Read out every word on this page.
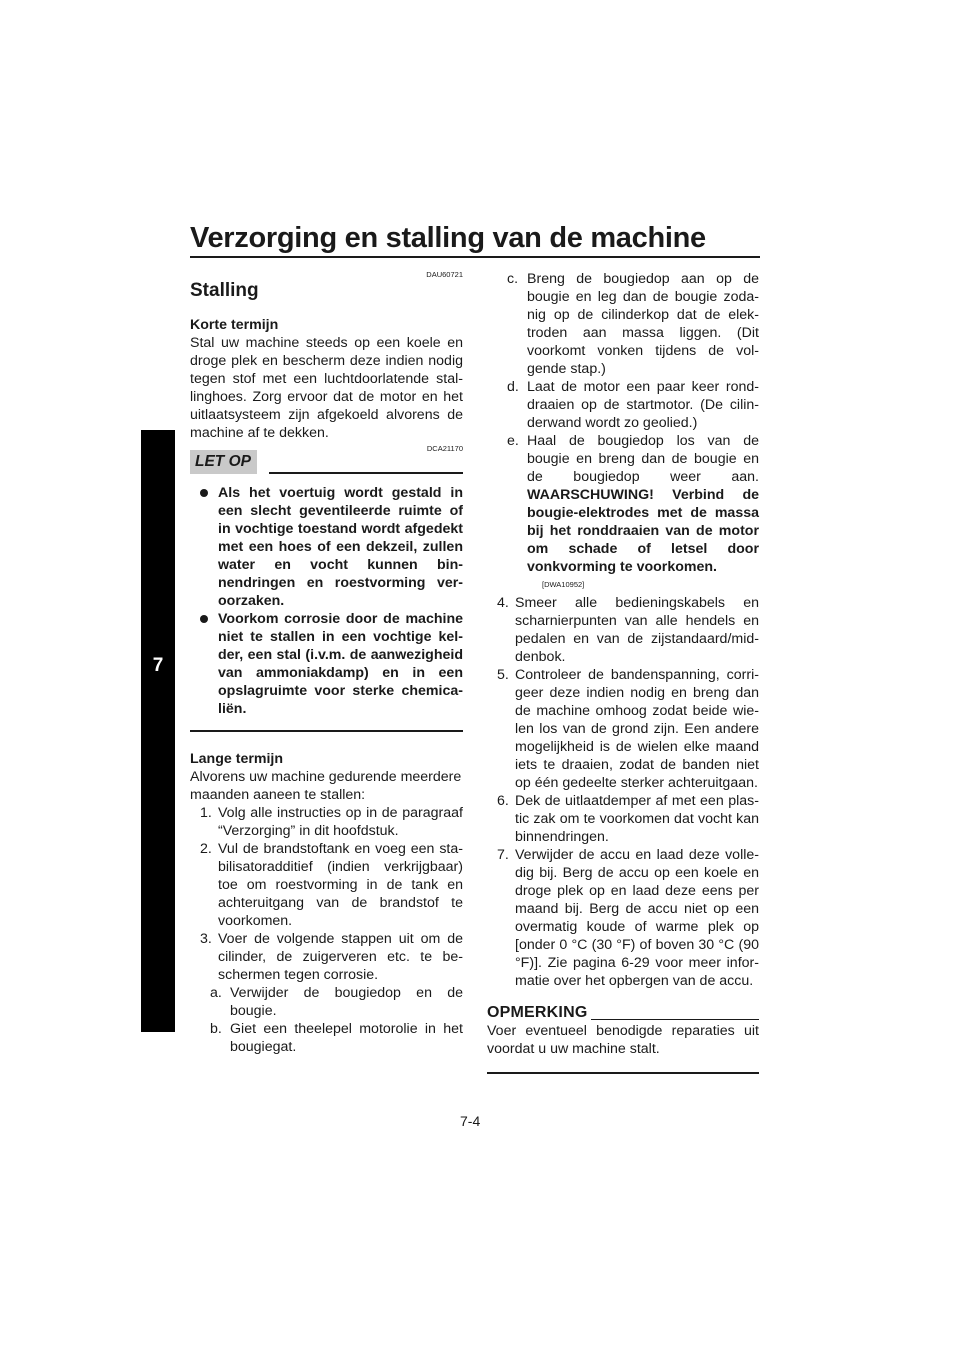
Verzorging en stalling van de machine
7
DAU60721
Stalling

Korte termijn

Stal uw machine steeds op een koele en droge plek en bescherm deze indien nodig tegen stof met een luchtdoorlatende stallinghoes. Zorg ervoor dat de motor en het uitlaatsysteem zijn afgekoeld alvorens de machine af te dekken.

DCA21170
LET OP
Als het voertuig wordt gestald in een slecht geventileerde ruimte of in vochtige toestand wordt afgedekt met een hoes of een dekzeil, zullen water en vocht kunnen binnendringen en roestvorming veroorzaken.
Voorkom corrosie door de machine niet te stallen in een vochtige kelder, een stal (i.v.m. de aanwezigheid van ammoniakdamp) en in een opslagruimte voor sterke chemicaliën.

Lange termijn

Alvorens uw machine gedurende meerdere maanden aaneen te stallen:

1. Volg alle instructies op in de paragraaf “Verzorging” in dit hoofdstuk.
2. Vul de brandstoftank en voeg een stabilisatoradditief (indien verkrijgbaar) toe om roestvorming in de tank en achteruitgang van de brandstof te voorkomen.
3. Voer de volgende stappen uit om de cilinder, de zuigerveren etc. te beschermen tegen corrosie.
a. Verwijder de bougiedop en de bougie.
b. Giet een theelepel motorolie in het bougiegat.
c. Breng de bougiedop aan op de bougie en leg dan de bougie zodanig op de cilinderkop dat de elektroden aan massa liggen. (Dit voorkomt vonken tijdens de volgende stap.)
d. Laat de motor een paar keer ronddraaien op de startmotor. (De cilinderwand wordt zo geolied.)
e. Haal de bougiedop los van de bougie en breng dan de bougie en de bougiedop weer aan. WAARSCHUWING! Verbind de bougie-elektrodes met de massa bij het ronddraaien van de motor om schade of letsel door vonkvorming te voorkomen.
[DWA10952]
4. Smeer alle bedieningskabels en scharnierpunten van alle hendels en pedalen en van de zijstandaard/middenbok.
5. Controleer de bandenspanning, corrigeer deze indien nodig en breng dan de machine omhoog zodat beide wielen los van de grond zijn. Een andere mogelijkheid is de wielen elke maand iets te draaien, zodat de banden niet op één gedeelte sterker achteruitgaan.
6. Dek de uitlaatdemper af met een plastic zak om te voorkomen dat vocht kan binnendringen.
7. Verwijder de accu en laad deze volledig bij. Berg de accu op een koele en droge plek op en laad deze eens per maand bij. Berg de accu niet op een overmatig koude of warme plek op [onder 0 °C (30 °F) of boven 30 °C (90 °F)]. Zie pagina 6-29 voor meer informatie over het opbergen van de accu.
OPMERKING

Voer eventueel benodigde reparaties uit voordat u uw machine stalt.

7-4
